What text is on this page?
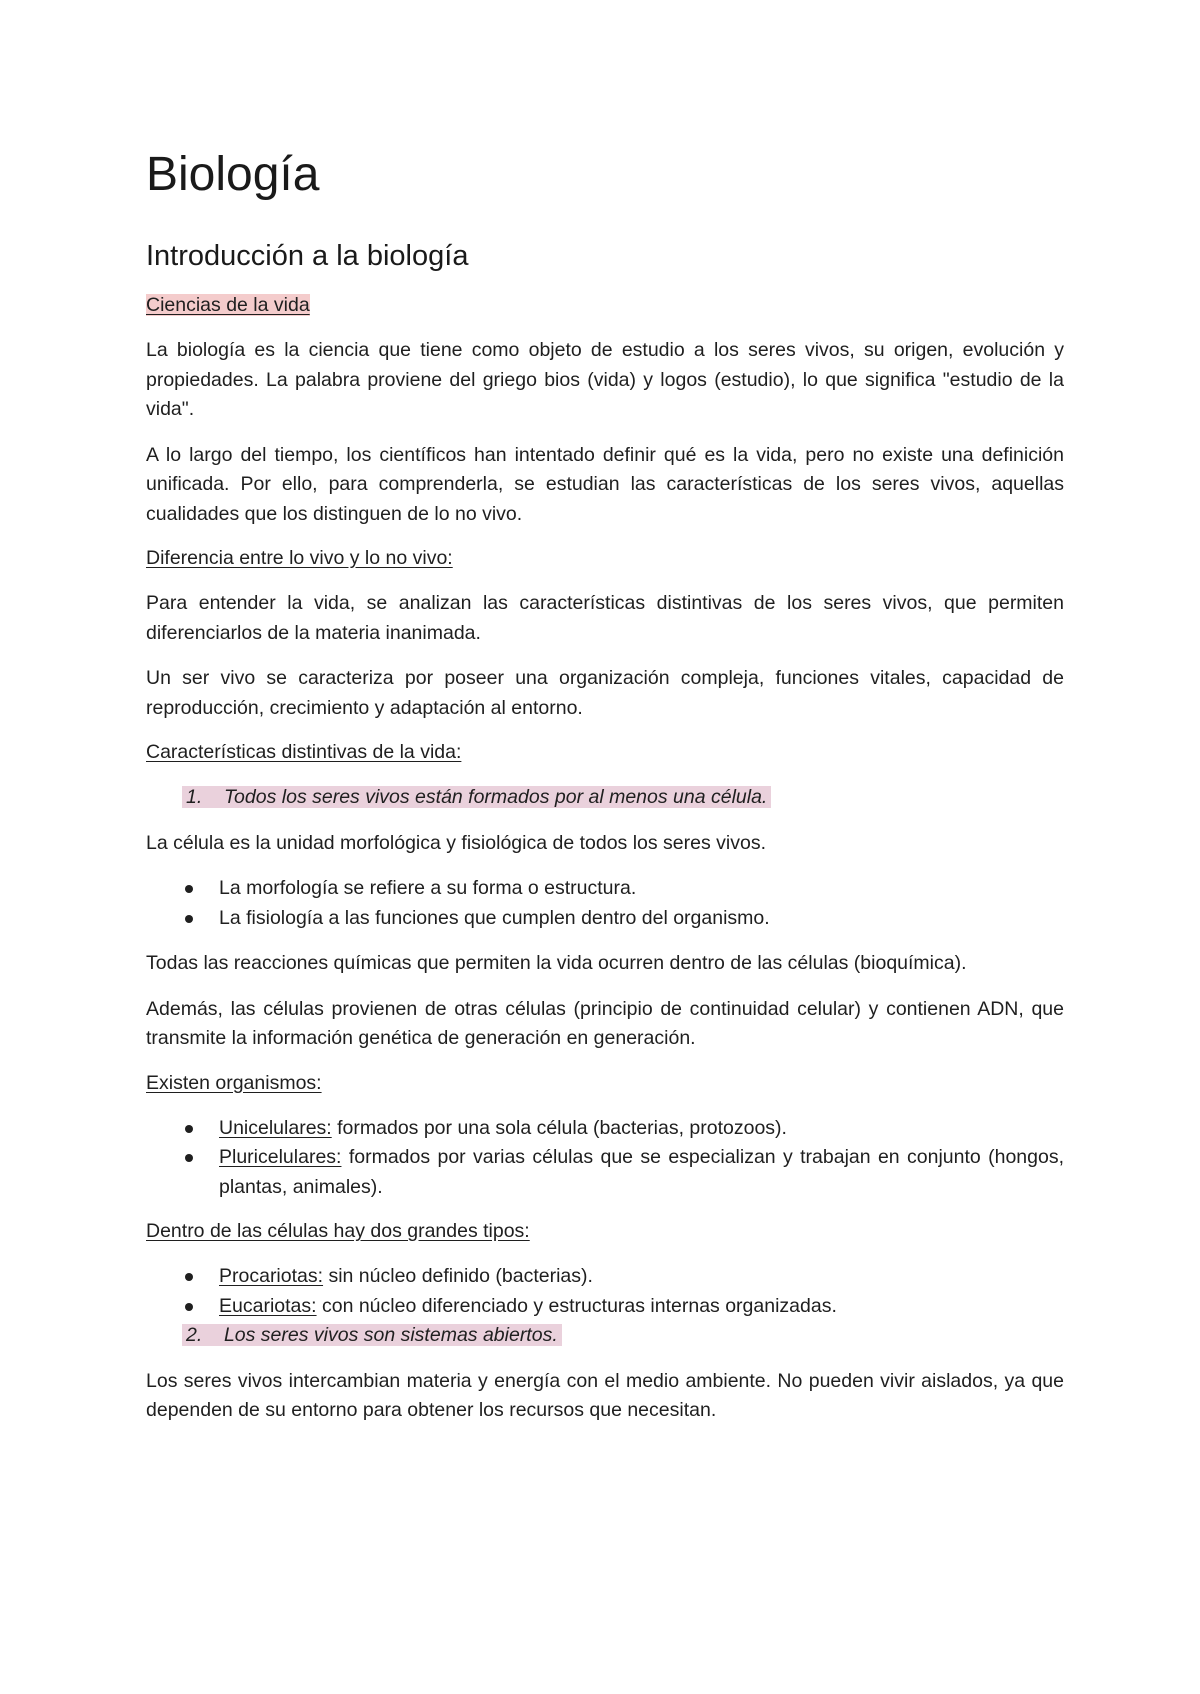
Biología
Introducción a la biología
Ciencias de la vida

La biología es la ciencia que tiene como objeto de estudio a los seres vivos, su origen, evolución y propiedades. La palabra proviene del griego bios (vida) y logos (estudio), lo que significa "estudio de la vida".

A lo largo del tiempo, los científicos han intentado definir qué es la vida, pero no existe una definición unificada. Por ello, para comprenderla, se estudian las características de los seres vivos, aquellas cualidades que los distinguen de lo no vivo.

Diferencia entre lo vivo y lo no vivo:

Para entender la vida, se analizan las características distintivas de los seres vivos, que permiten diferenciarlos de la materia inanimada.

Un ser vivo se caracteriza por poseer una organización compleja, funciones vitales, capacidad de reproducción, crecimiento y adaptación al entorno.

Características distintivas de la vida:
1. Todos los seres vivos están formados por al menos una célula.

La célula es la unidad morfológica y fisiológica de todos los seres vivos.

La morfología se refiere a su forma o estructura.
La fisiología a las funciones que cumplen dentro del organismo.

Todas las reacciones químicas que permiten la vida ocurren dentro de las células (bioquímica).

Además, las células provienen de otras células (principio de continuidad celular) y contienen ADN, que transmite la información genética de generación en generación.

Existen organismos:
Unicelulares: formados por una sola célula (bacterias, protozoos).
Pluricelulares: formados por varias células que se especializan y trabajan en conjunto (hongos, plantas, animales).
Dentro de las células hay dos grandes tipos:
Procariotas: sin núcleo definido (bacterias).
Eucariotas: con núcleo diferenciado y estructuras internas organizadas.
2. Los seres vivos son sistemas abiertos.

Los seres vivos intercambian materia y energía con el medio ambiente. No pueden vivir aislados, ya que dependen de su entorno para obtener los recursos que necesitan.
